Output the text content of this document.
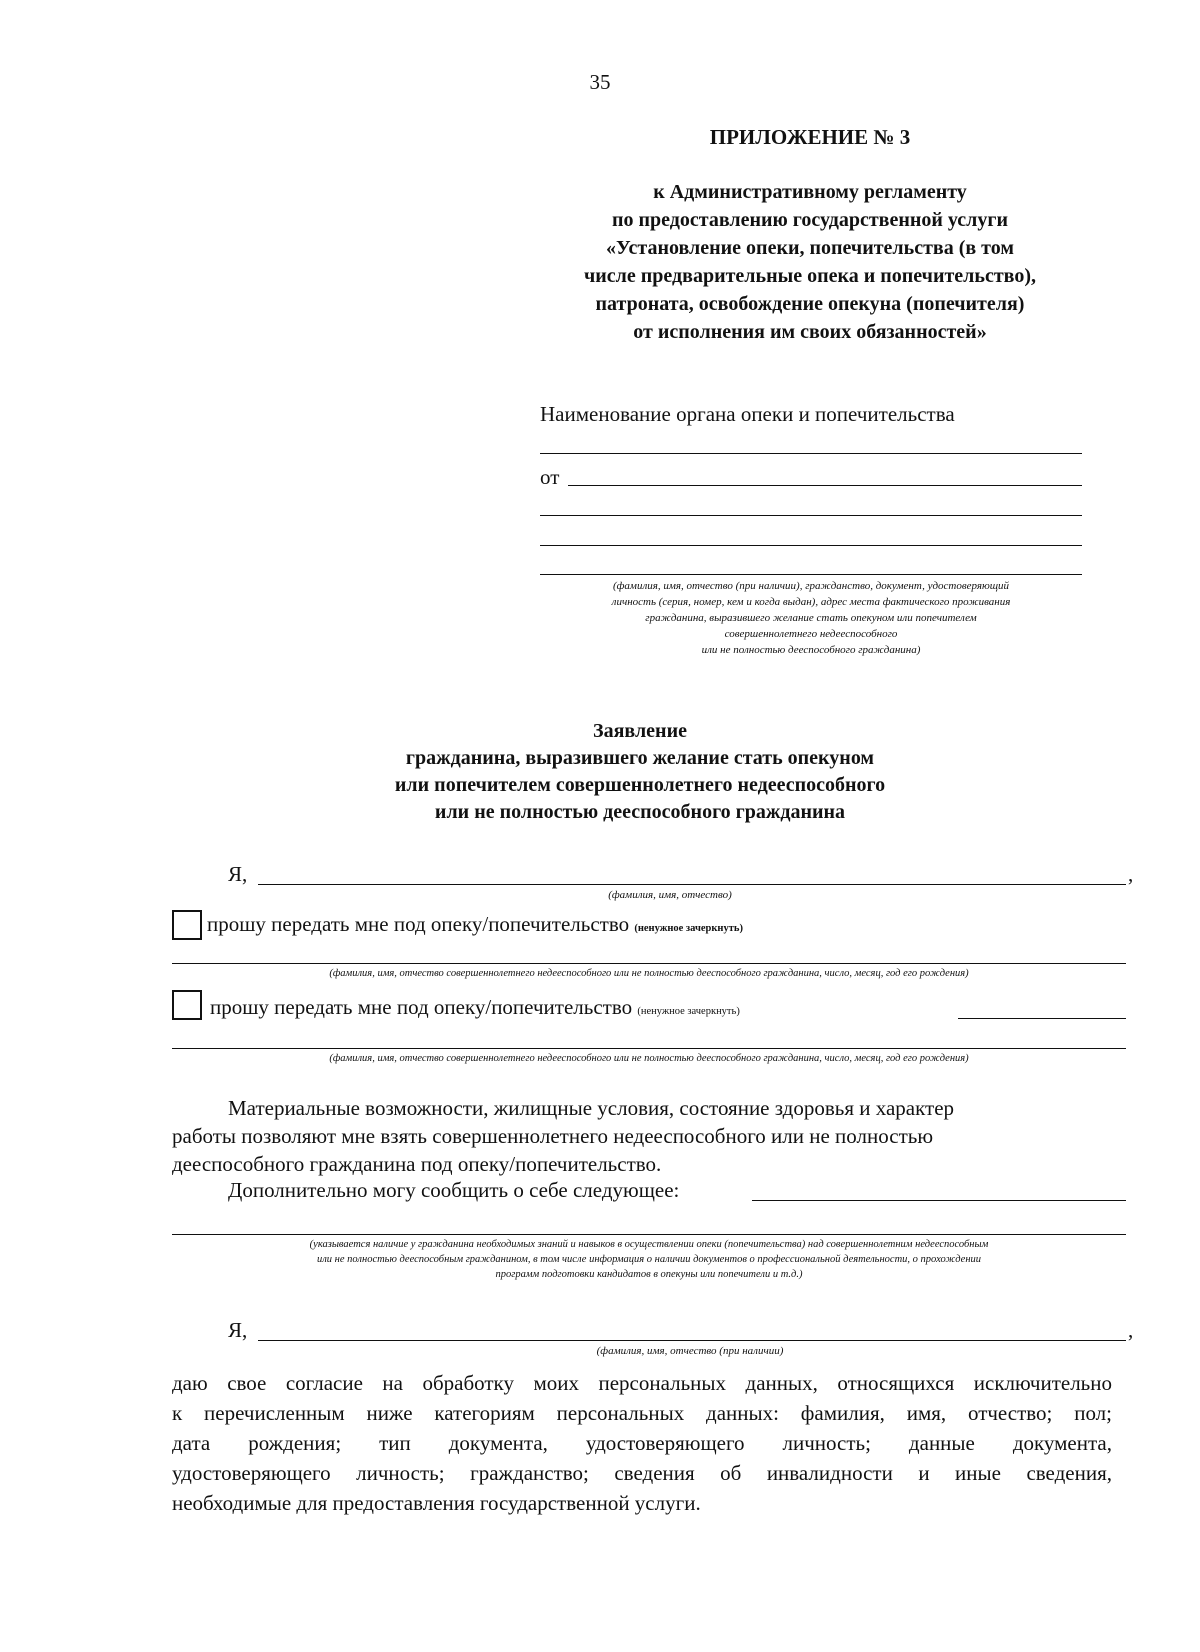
35
ПРИЛОЖЕНИЕ № 3
к Административному регламенту
по предоставлению государственной услуги
«Установление опеки, попечительства (в том
числе предварительные опека и попечительство),
патроната, освобождение опекуна (попечителя)
от исполнения им своих обязанностей»
Наименование органа опеки и попечительства
от
(фамилия, имя, отчество (при наличии), гражданство, документ, удостоверяющий
личность (серия, номер, кем и когда выдан), адрес места фактического проживания
гражданина, выразившего желание стать опекуном или попечителем
совершеннолетнего недееспособного
или не полностью дееспособного гражданина)
Заявление
гражданина, выразившего желание стать опекуном
или попечителем совершеннолетнего недееспособного
или не полностью дееспособного гражданина
Я,	,
(фамилия, имя, отчество)
прошу передать мне под опеку/попечительство (ненужное зачеркнуть)
(фамилия, имя, отчество совершеннолетнего недееспособного или не полностью дееспособного гражданина, число, месяц, год его рождения)
прошу передать мне под опеку/попечительство (ненужное зачеркнуть)
(фамилия, имя, отчество совершеннолетнего недееспособного или не полностью дееспособного гражданина, число, месяц, год его рождения)
Материальные возможности, жилищные условия, состояние здоровья и характер
работы позволяют мне взять совершеннолетнего недееспособного или не полностью
дееспособного гражданина под опеку/попечительство.
Дополнительно могу сообщить о себе следующее:
(указывается наличие у гражданина необходимых знаний и навыков в осуществлении опеки (попечительства) над совершеннолетним недееспособным
или не полностью дееспособным гражданином, в том числе информация о наличии документов о профессиональной деятельности, о прохождении
программ подготовки кандидатов в опекуны или попечители и т.д.)
Я,	,
(фамилия, имя, отчество (при наличии)
даю свое согласие на обработку моих персональных данных, относящихся исключительно
к перечисленным ниже категориям персональных данных: фамилия, имя, отчество; пол;
дата рождения; тип документа, удостоверяющего личность; данные документа,
удостоверяющего личность; гражданство; сведения об инвалидности и иные сведения,
необходимые для предоставления государственной услуги.
